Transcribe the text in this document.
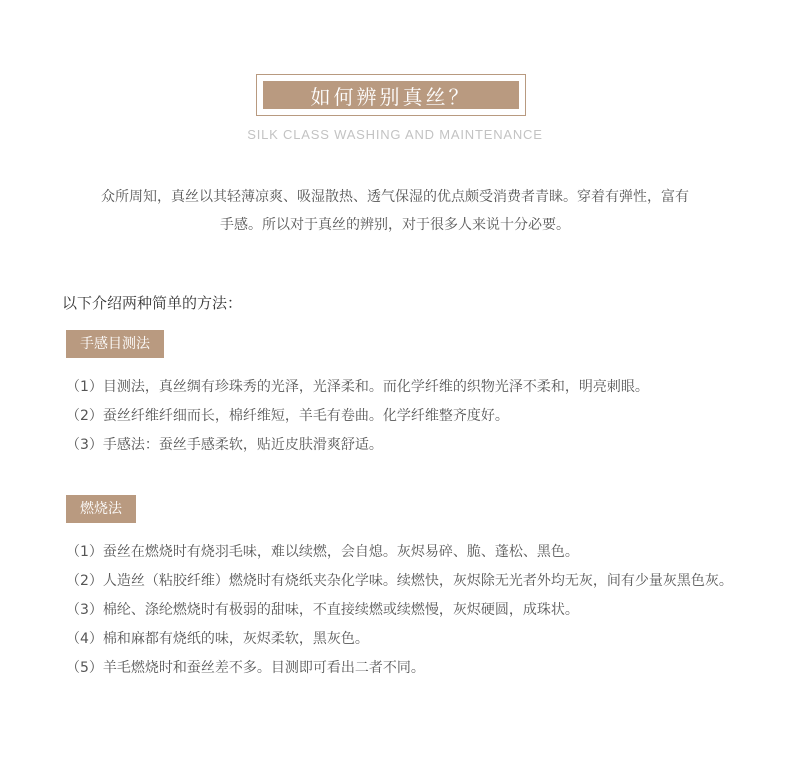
如何辨别真丝？
SILK CLASS WASHING AND MAINTENANCE
众所周知，真丝以其轻薄凉爽、吸湿散热、透气保湿的优点颇受消费者青睐。穿着有弹性，富有
手感。所以对于真丝的辨别，对于很多人来说十分必要。
以下介绍两种简单的方法：
手感目测法
（1） 目测法，真丝绸有珍珠秀的光泽，光泽柔和。而化学纤维的织物光泽不柔和，明亮刺眼。
（2） 蚕丝纤维纤细而长，棉纤维短，羊毛有卷曲。化学纤维整齐度好。
（3） 手感法：蚕丝手感柔软，贴近皮肤滑爽舒适。
燃烧法
（1） 蚕丝在燃烧时有烧羽毛味，难以续燃，会自熄。灰烬易碎、脆、蓬松、黑色。
（2） 人造丝（粘胶纤维）燃烧时有烧纸夹杂化学味。续燃快，灰烬除无光者外均无灰，间有少量灰黑色灰。
（3） 棉纶、涤纶燃烧时有极弱的甜味，不直接续燃或续燃慢，灰烬硬圆，成珠状。
（4） 棉和麻都有烧纸的味，灰烬柔软，黑灰色。
（5） 羊毛燃烧时和蚕丝差不多。目测即可看出二者不同。
